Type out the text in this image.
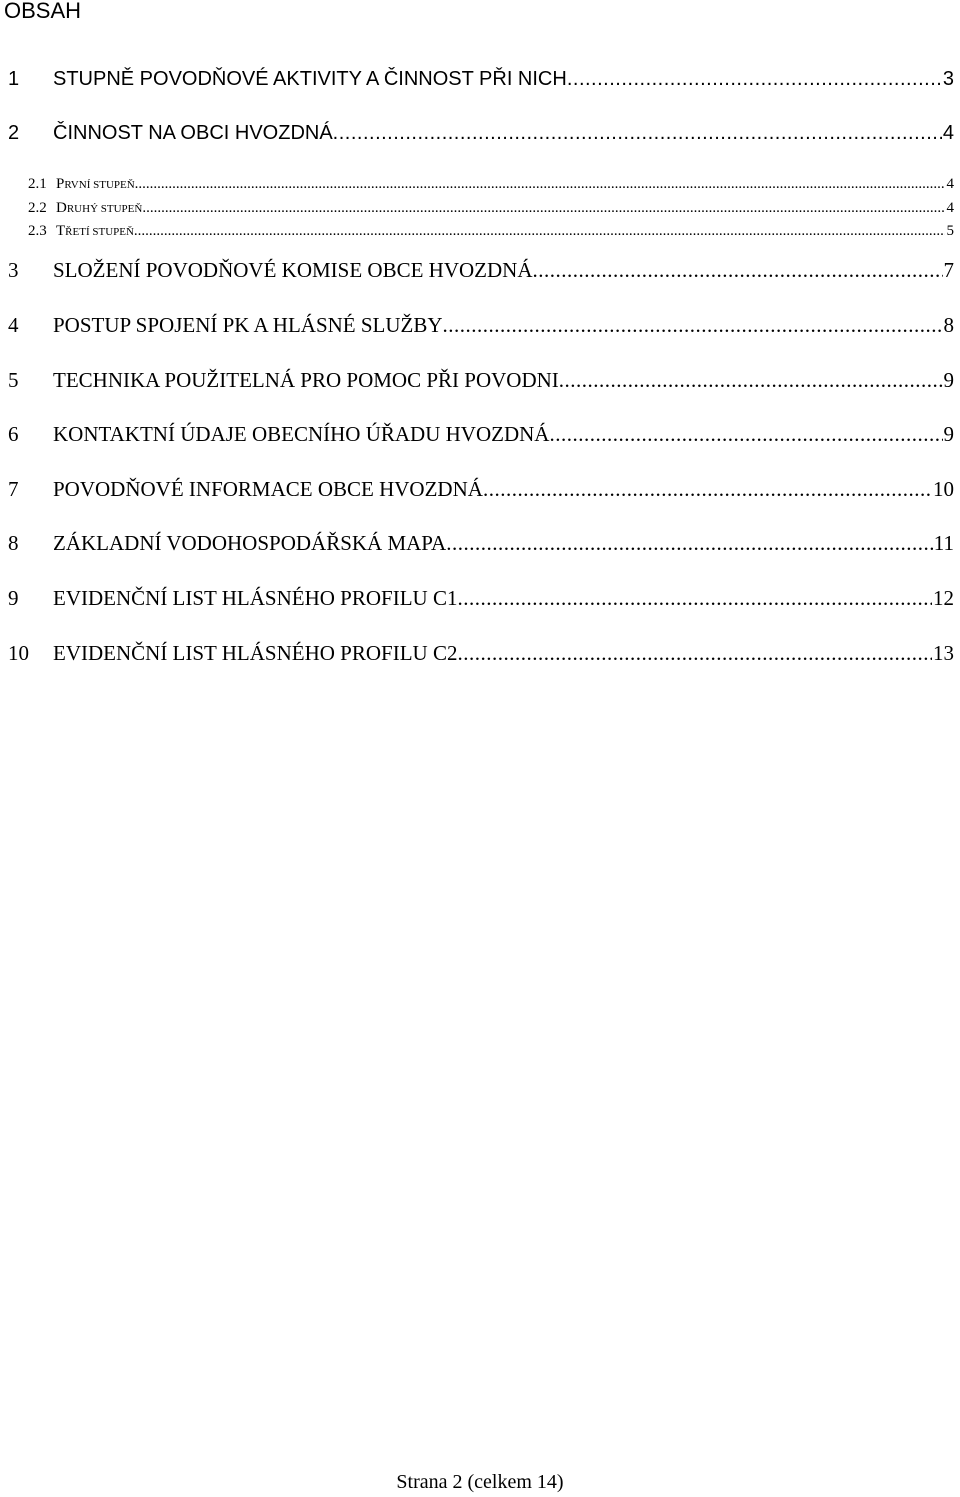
OBSAH
1	STUPNĚ POVODŇOVÉ AKTIVITY A ČINNOST PŘI NICH .....	3
2	ČINNOST NA OBCI HVOZDNÁ .....	4
2.1 PRVNÍ STUPEŇ .....	4
2.2 DRUHÝ STUPEŇ .....	4
2.3 TŘETÍ STUPEŇ .....	5
3	SLOŽENÍ POVODŇOVÉ KOMISE OBCE HVOZDNÁ .....	7
4	POSTUP SPOJENÍ PK A HLÁSNÉ SLUŽBY .....	8
5	TECHNIKA POUŽITELNÁ PRO POMOC PŘI POVODNI .....	9
6	KONTAKTNÍ ÚDAJE OBECNÍHO ÚŘADU HVOZDNÁ .....	9
7	POVODŇOVÉ INFORMACE OBCE HVOZDNÁ .....	10
8	ZÁKLADNÍ VODOHOSPODÁŘSKÁ MAPA .....	11
9	EVIDENČNÍ LIST HLÁSNÉHO PROFILU C1 .....	12
10	EVIDENČNÍ LIST HLÁSNÉHO PROFILU C2 .....	13
Strana 2 (celkem 14)
